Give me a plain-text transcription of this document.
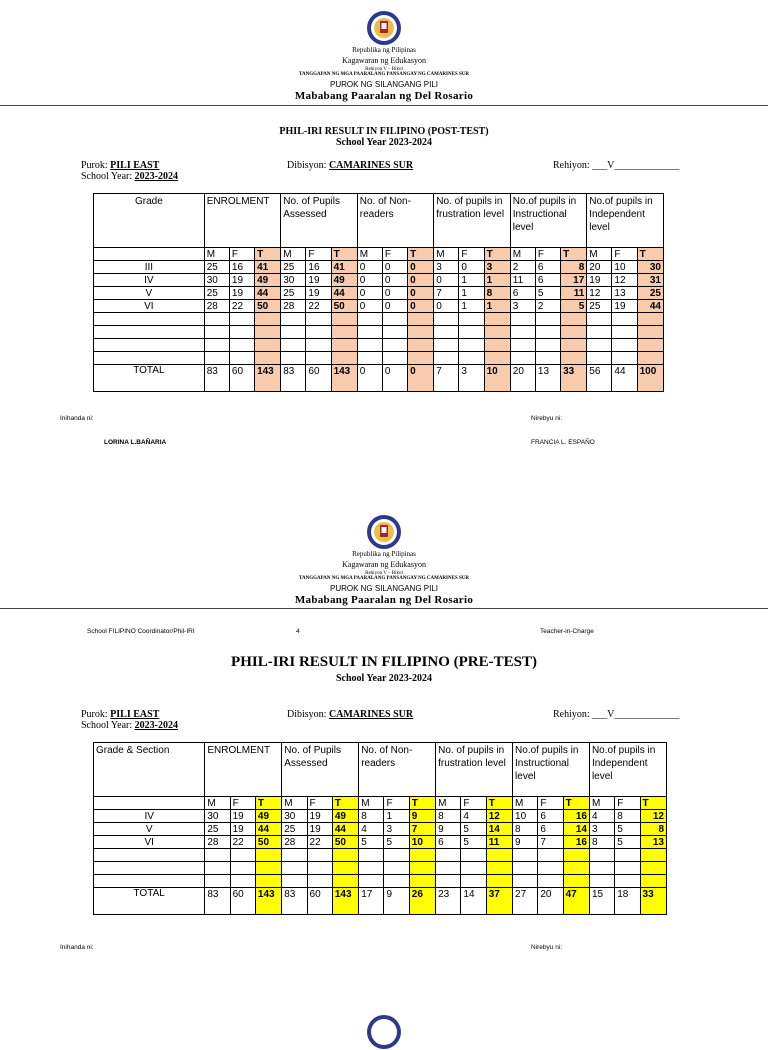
Republika ng Pilipinas
Kagawaran ng Edukasyon
Rehiyon V – Bikol
TANGGAPAN NG MGA PAARALANG PANSANGAY NG CAMARINES SUR
PUROK NG SILANGANG PILI
Mababang Paaralan ng Del Rosario
PHIL-IRI RESULT IN FILIPINO (POST-TEST)
School Year 2023-2024
Purok: PILI EAST
School Year: 2023-2024
Dibisyon: CAMARINES SUR	Rehiyon: ___V_____________
Grade	ENROLMENT			No. of Pupils Assessed			No. of Non-readers			No. of pupils in frustration level			No.of pupils in Instructional level			No.of pupils in Independent level		
	M	F	T	M	F	T	M	F	T	M	F	T	M	F	T	M	F	T
III	25	16	41	25	16	41	0	0	0	3	0	3	2	6	8	20	10	30
IV	30	19	49	30	19	49	0	0	0	0	1	1	11	6	17	19	12	31
V	25	19	44	25	19	44	0	0	0	7	1	8	6	5	11	12	13	25
VI	28	22	50	28	22	50	0	0	0	0	1	1	3	2	5	25	19	44

TOTAL	83	60	143	83	60	143	0	0	0	7	3	10	20	13	33	56	44	100
Inihanda ni:	Nirebyu ni:
LORINA L.BAÑARIA	FRANCIA L. ESPAÑO
Republika ng Pilipinas
Kagawaran ng Edukasyon
Rehiyon V – Bikol
TANGGAPAN NG MGA PAARALANG PANSANGAY NG CAMARINES SUR
PUROK NG SILANGANG PILI
Mababang Paaralan ng Del Rosario
School FILIPINO Coordinator/Phil-IRI	4	Teacher-in-Charge
PHIL-IRI RESULT IN FILIPINO (PRE-TEST)
School Year 2023-2024
Purok: PILI EAST
School Year: 2023-2024
Dibisyon: CAMARINES SUR	Rehiyon: ___V_____________
Grade & Section	ENROLMENT			No. of Pupils Assessed			No. of Non-readers			No. of pupils in frustration level			No.of pupils in Instructional level			No.of pupils in Independent level		
	M	F	T	M	F	T	M	F	T	M	F	T	M	F	T	M	F	T
IV	30	19	49	30	19	49	8	1	9	8	4	12	10	6	16	4	8	12
V	25	19	44	25	19	44	4	3	7	9	5	14	8	6	14	3	5	8
VI	28	22	50	28	22	50	5	5	10	6	5	11	9	7	16	8	5	13

TOTAL	83	60	143	83	60	143	17	9	26	23	14	37	27	20	47	15	18	33
Inihanda ni:	Nirebyu ni:
